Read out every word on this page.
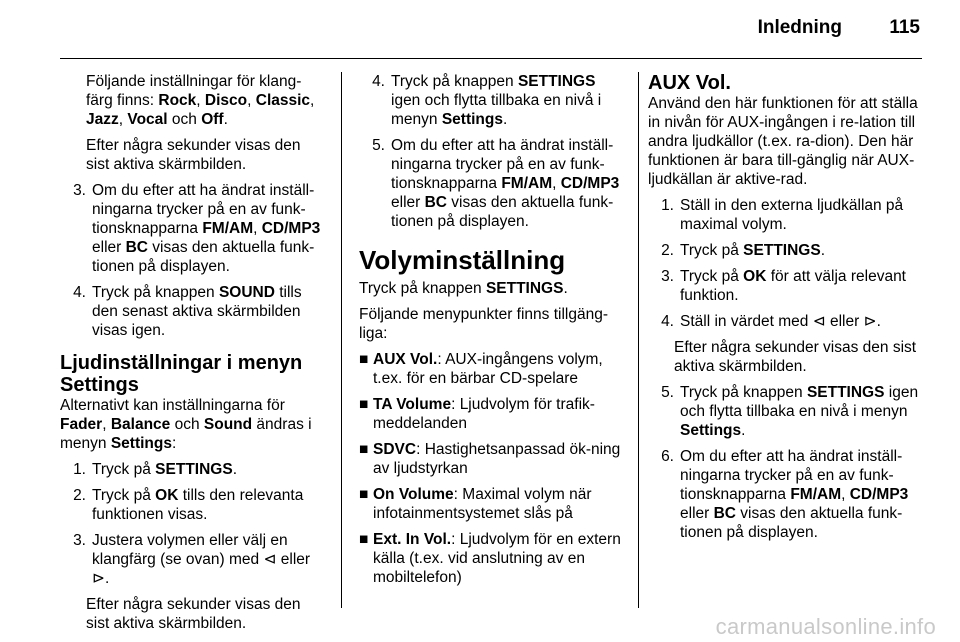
Inledning 115

Följande inställningar för klang-färg finns: Rock, Disco, Classic, Jazz, Vocal och Off.

Efter några sekunder visas den sist aktiva skärmbilden.

3. Om du efter att ha ändrat inställ-ningarna trycker på en av funk-tionsknapparna FM/AM, CD/MP3 eller BC visas den aktuella funk-tionen på displayen.
4. Tryck på knappen SOUND tills den senast aktiva skärmbilden visas igen.
Ljudinställningar i menyn Settings

Alternativt kan inställningarna för Fader, Balance och Sound ändras i menyn Settings:

1. Tryck på SETTINGS.
2. Tryck på OK tills den relevanta funktionen visas.
3. Justera volymen eller välj en klangfärg (se ovan) med ⊲ eller ⊳.

Efter några sekunder visas den sist aktiva skärmbilden.

4. Tryck på knappen SETTINGS igen och flytta tillbaka en nivå i menyn Settings.
5. Om du efter att ha ändrat inställ-ningarna trycker på en av funk-tionsknapparna FM/AM, CD/MP3 eller BC visas den aktuella funk-tionen på displayen.
Volyminställning

Tryck på knappen SETTINGS.

Följande menypunkter finns tillgäng-liga:

■ AUX Vol.: AUX-ingångens volym, t.ex. för en bärbar CD-spelare
■ TA Volume: Ljudvolym för trafik-meddelanden
■ SDVC: Hastighetsanpassad ök-ning av ljudstyrkan
■ On Volume: Maximal volym när infotainmentsystemet slås på
■ Ext. In Vol.: Ljudvolym för en extern källa (t.ex. vid anslutning av en mobiltelefon)
AUX Vol.

Använd den här funktionen för att ställa in nivån för AUX-ingången i re-lation till andra ljudkällor (t.ex. ra-dion). Den här funktionen är bara till-gänglig när AUX-ljudkällan är aktive-rad.

1. Ställ in den externa ljudkällan på maximal volym.
2. Tryck på SETTINGS.
3. Tryck på OK för att välja relevant funktion.
4. Ställ in värdet med ⊲ eller ⊳.

Efter några sekunder visas den sist aktiva skärmbilden.

5. Tryck på knappen SETTINGS igen och flytta tillbaka en nivå i menyn Settings.
6. Om du efter att ha ändrat inställ-ningarna trycker på en av funk-tionsknapparna FM/AM, CD/MP3 eller BC visas den aktuella funk-tionen på displayen.
carmanualsonline.info
